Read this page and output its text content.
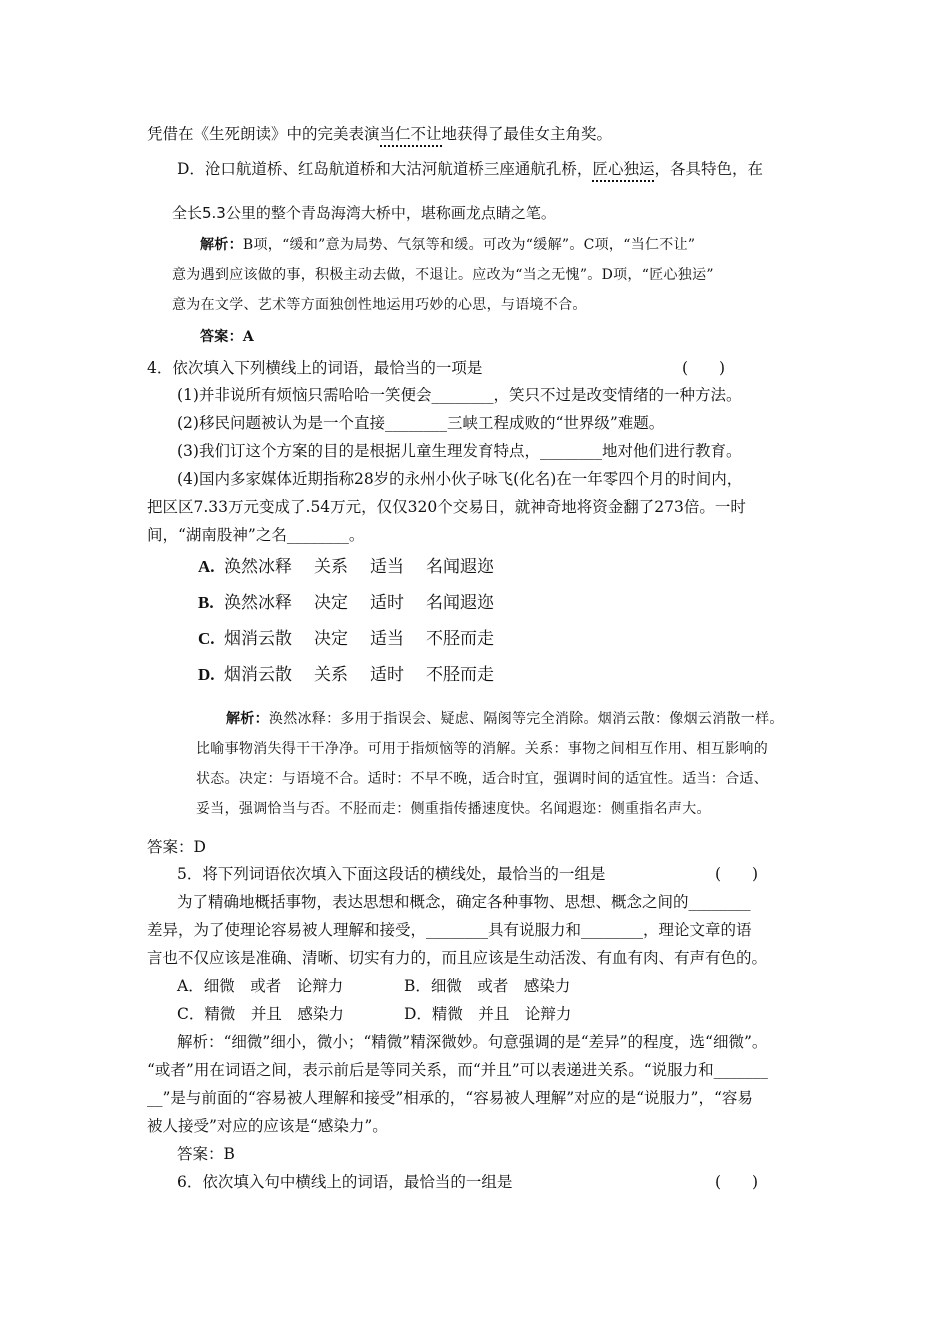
凭借在《生死朗读》中的完美表演当仁不让地获得了最佳女主角奖。
D．沧口航道桥、红岛航道桥和大沽河航道桥三座通航孔桥，匠心独运，各具特色，在
全长5.3公里的整个青岛海湾大桥中，堪称画龙点睛之笔。
解析：B项，“缓和”意为局势、气氛等和缓。可改为“缓解”。C项，“当仁不让”
意为遇到应该做的事，积极主动去做，不退让。应改为“当之无愧”。D项，“匠心独运”
意为在文学、艺术等方面独创性地运用巧妙的心思，与语境不合。
答案：A
4．依次填入下列横线上的词语，最恰当的一项是	(　　)
(1)并非说所有烦恼只需哈哈一笑便会________，笑只不过是改变情绪的一种方法。
(2)移民问题被认为是一个直接________三峡工程成败的“世界级”难题。
(3)我们订这个方案的目的是根据儿童生理发育特点，________地对他们进行教育。
(4)国内多家媒体近期指称28岁的永州小伙子咏飞(化名)在一年零四个月的时间内，
把区区7.33万元变成了.54万元，仅仅320个交易日，就神奇地将资金翻了273倍。一时
间，“湖南股神”之名________。
A. 涣然冰释 关系 适当 名闻遐迩
B. 涣然冰释 决定 适时 名闻遐迩
C. 烟消云散 决定 适当 不胫而走
D. 烟消云散 关系 适时 不胫而走
解析：涣然冰释：多用于指误会、疑虑、隔阂等完全消除。烟消云散：像烟云消散一样。
比喻事物消失得干干净净。可用于指烦恼等的消解。关系：事物之间相互作用、相互影响的
状态。决定：与语境不合。适时：不早不晚，适合时宜，强调时间的适宜性。适当：合适、
妥当，强调恰当与否。不胫而走：侧重指传播速度快。名闻遐迩：侧重指名声大。
答案：D
5．将下列词语依次填入下面这段话的横线处，最恰当的一组是	(　　)
为了精确地概括事物，表达思想和概念，确定各种事物、思想、概念之间的________
差异，为了使理论容易被人理解和接受，________具有说服力和________，理论文章的语
言也不仅应该是准确、清晰、切实有力的，而且应该是生动活泼、有血有肉、有声有色的。
A．细微　或者　论辩力	B．细微　或者　感染力
C．精微　并且　感染力	D．精微　并且　论辩力
解析：“细微”细小，微小；“精微”精深微妙。句意强调的是“差异”的程度，选“细微”。
“或者”用在词语之间，表示前后是等同关系，而“并且”可以表递进关系。“说服力和_______
__”是与前面的“容易被人理解和接受”相承的，“容易被人理解”对应的是“说服力”，“容易
被人接受”对应的应该是“感染力”。
答案：B
6．依次填入句中横线上的词语，最恰当的一组是	(　　)
